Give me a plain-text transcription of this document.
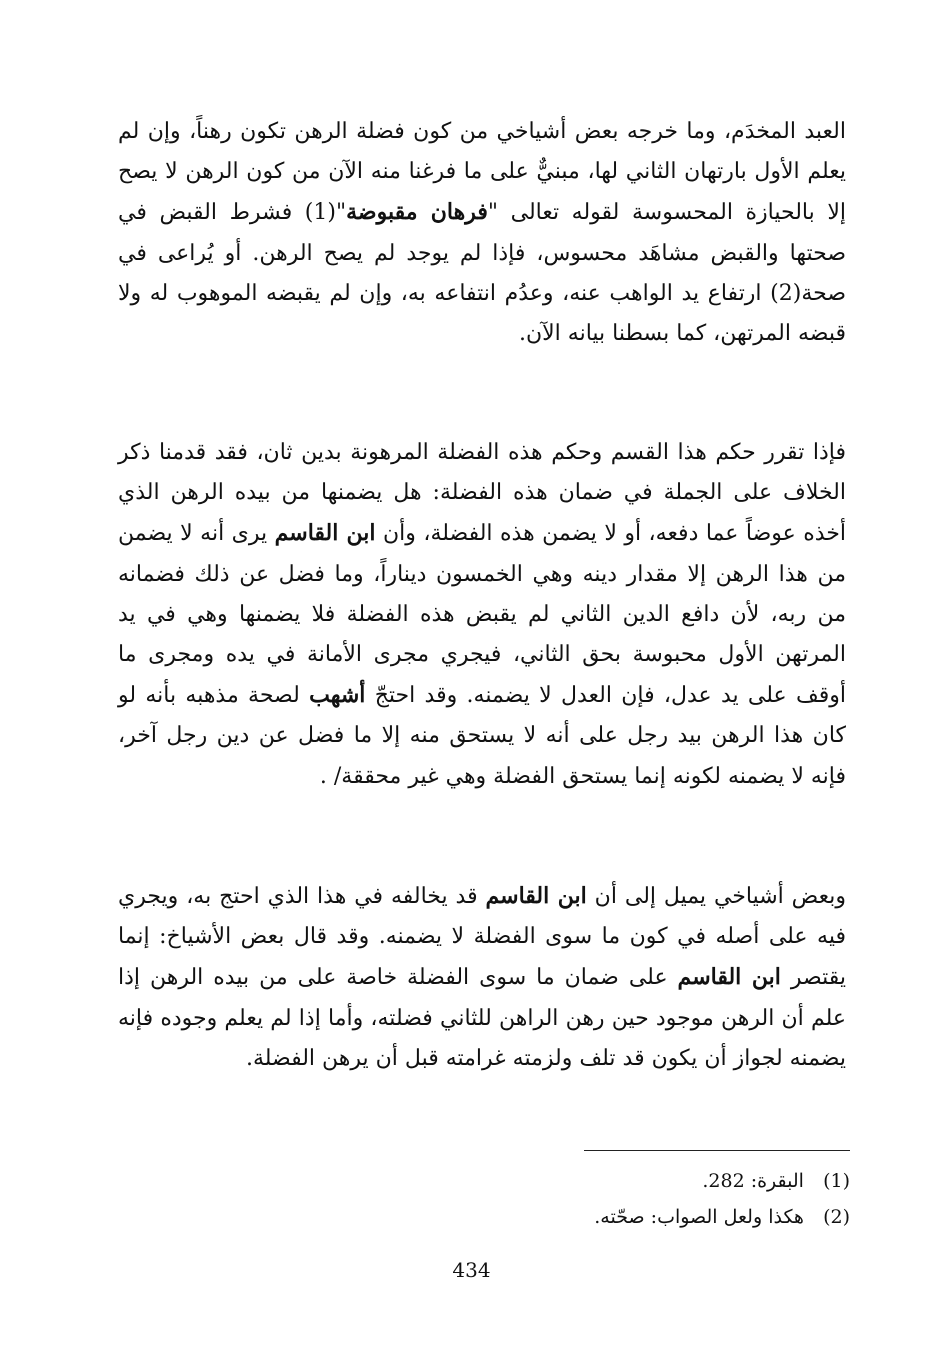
العبد المخدَم، وما خرجه بعض أشياخي من كون فضلة الرهن تكون رهناً، وإن لم يعلم الأول بارتهان الثاني لها، مبنيٌّ على ما فرغنا منه الآن من كون الرهن لا يصح إلا بالحيازة المحسوسة لقوله تعالى "فرهان مقبوضة"(1) فشرط القبض في صحتها والقبض مشاهَد محسوس، فإذا لم يوجد لم يصح الرهن. أو يُراعى في صحة(2) ارتفاع يد الواهب عنه، وعدُم انتفاعه به، وإن لم يقبضه الموهوب له ولا قبضه المرتهن، كما بسطنا بيانه الآن.

فإذا تقرر حكم هذا القسم وحكم هذه الفضلة المرهونة بدين ثان، فقد قدمنا ذكر الخلاف على الجملة في ضمان هذه الفضلة: هل يضمنها من بيده الرهن الذي أخذه عوضاً عما دفعه، أو لا يضمن هذه الفضلة، وأن ابن القاسم يرى أنه لا يضمن من هذا الرهن إلا مقدار دينه وهي الخمسون ديناراً، وما فضل عن ذلك فضمانه من ربه، لأن دافع الدين الثاني لم يقبض هذه الفضلة فلا يضمنها وهي في يد المرتهن الأول محبوسة بحق الثاني، فيجري مجرى الأمانة في يده ومجرى ما أوقف على يد عدل، فإن العدل لا يضمنه. وقد احتجّ أشهب لصحة مذهبه بأنه لو كان هذا الرهن بيد رجل على أنه لا يستحق منه إلا ما فضل عن دين رجل آخر، فإنه لا يضمنه لكونه إنما يستحق الفضلة وهي غير محققة/ .

وبعض أشياخي يميل إلى أن ابن القاسم قد يخالفه في هذا الذي احتج به، ويجري فيه على أصله في كون ما سوى الفضلة لا يضمنه. وقد قال بعض الأشياخ: إنما يقتصر ابن القاسم على ضمان ما سوى الفضلة خاصة على من بيده الرهن إذا علم أن الرهن موجود حين رهن الراهن للثاني فضلته، وأما إذا لم يعلم وجوده فإنه يضمنه لجواز أن يكون قد تلف ولزمته غرامته قبل أن يرهن الفضلة.

(1) البقرة: 282.
(2) هكذا ولعل الصواب: صحّته.
434
